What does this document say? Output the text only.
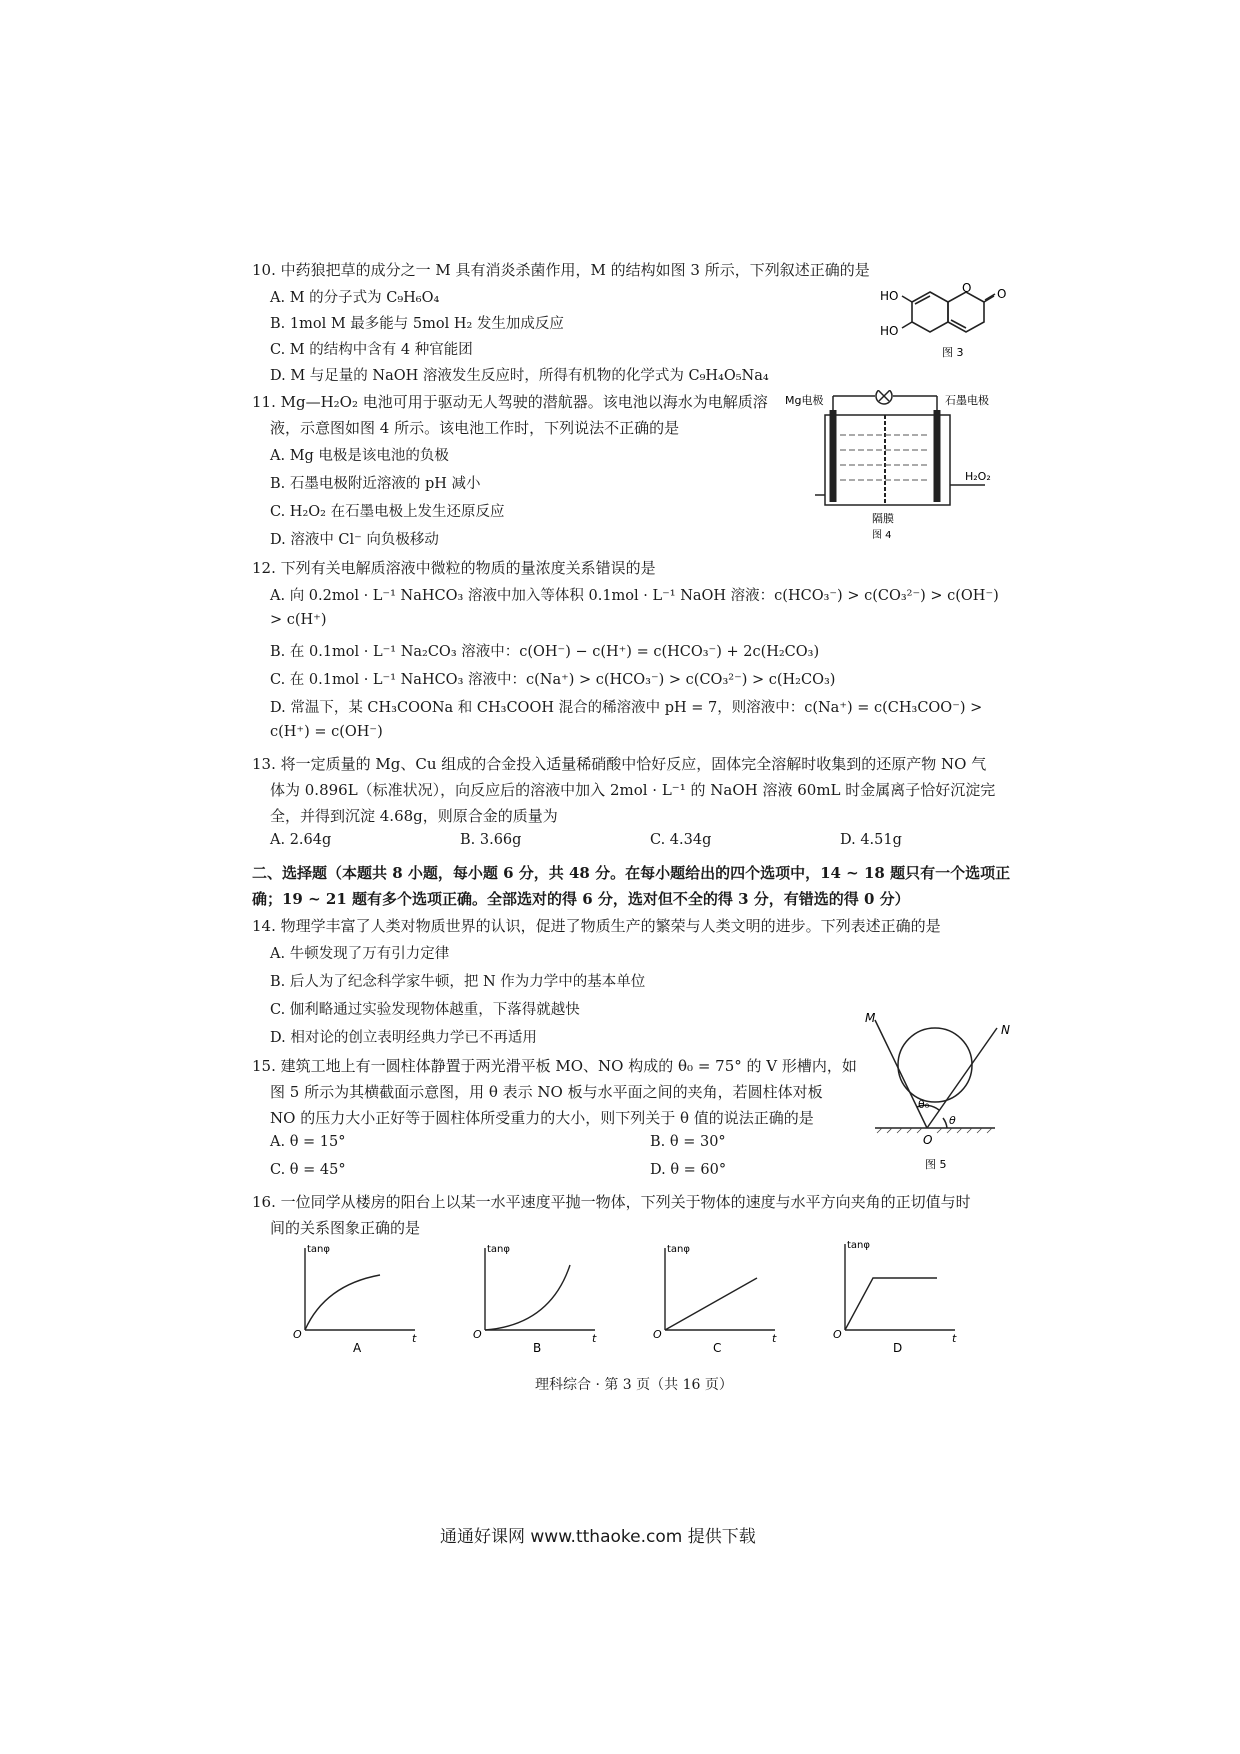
10. 中药狼把草的成分之一 M 具有消炎杀菌作用，M 的结构如图 3 所示，下列叙述正确的是
A. M 的分子式为 C₉H₆O₄
B. 1mol M 最多能与 5mol H₂ 发生加成反应
C. M 的结构中含有 4 种官能团
D. M 与足量的 NaOH 溶液发生反应时，所得有机物的化学式为 C₉H₄O₅Na₄
HO
HO
O O
图 3
11. Mg—H₂O₂ 电池可用于驱动无人驾驶的潜航器。该电池以海水为电解质溶
液，示意图如图 4 所示。该电池工作时，下列说法不正确的是
A. Mg 电极是该电池的负极
B. 石墨电极附近溶液的 pH 减小
C. H₂O₂ 在石墨电极上发生还原反应
D. 溶液中 Cl⁻ 向负极移动
Mg电极	石墨电极
H₂O₂
隔膜
图 4
12. 下列有关电解质溶液中微粒的物质的量浓度关系错误的是
A. 向 0.2mol · L⁻¹ NaHCO₃ 溶液中加入等体积 0.1mol · L⁻¹ NaOH 溶液：c(HCO₃⁻) > c(CO₃²⁻) > c(OH⁻)
> c(H⁺)
B. 在 0.1mol · L⁻¹ Na₂CO₃ 溶液中：c(OH⁻) − c(H⁺) = c(HCO₃⁻) + 2c(H₂CO₃)
C. 在 0.1mol · L⁻¹ NaHCO₃ 溶液中：c(Na⁺) > c(HCO₃⁻) > c(CO₃²⁻) > c(H₂CO₃)
D. 常温下，某 CH₃COONa 和 CH₃COOH 混合的稀溶液中 pH = 7，则溶液中：c(Na⁺) = c(CH₃COO⁻) >
c(H⁺) = c(OH⁻)
13. 将一定质量的 Mg、Cu 组成的合金投入适量稀硝酸中恰好反应，固体完全溶解时收集到的还原产物 NO 气
体为 0.896L（标准状况），向反应后的溶液中加入 2mol · L⁻¹ 的 NaOH 溶液 60mL 时金属离子恰好沉淀完
全，并得到沉淀 4.68g，则原合金的质量为
A. 2.64g	B. 3.66g	C. 4.34g	D. 4.51g
二、选择题（本题共 8 小题，每小题 6 分，共 48 分。在每小题给出的四个选项中，14 ~ 18 题只有一个选项正
确；19 ~ 21 题有多个选项正确。全部选对的得 6 分，选对但不全的得 3 分，有错选的得 0 分）
14. 物理学丰富了人类对物质世界的认识，促进了物质生产的繁荣与人类文明的进步。下列表述正确的是
A. 牛顿发现了万有引力定律
B. 后人为了纪念科学家牛顿，把 N 作为力学中的基本单位
C. 伽利略通过实验发现物体越重，下落得就越快
D. 相对论的创立表明经典力学已不再适用
15. 建筑工地上有一圆柱体静置于两光滑平板 MO、NO 构成的 θ₀ = 75° 的 V 形槽内，如
图 5 所示为其横截面示意图，用 θ 表示 NO 板与水平面之间的夹角，若圆柱体对板
NO 的压力大小正好等于圆柱体所受重力的大小，则下列关于 θ 值的说法正确的是
A. θ = 15°	B. θ = 30°
C. θ = 45°	D. θ = 60°
M
N
O
θ₀
θ
图 5
16. 一位同学从楼房的阳台上以某一水平速度平抛一物体，下列关于物体的速度与水平方向夹角的正切值与时
间的关系图象正确的是
tanφ
O	t
A
tanφ
O	t
B
tanφ
O	t
C
tanφ
O	t
D
理科综合 · 第 3 页（共 16 页）
通通好课网 www.tthaoke.com 提供下载
